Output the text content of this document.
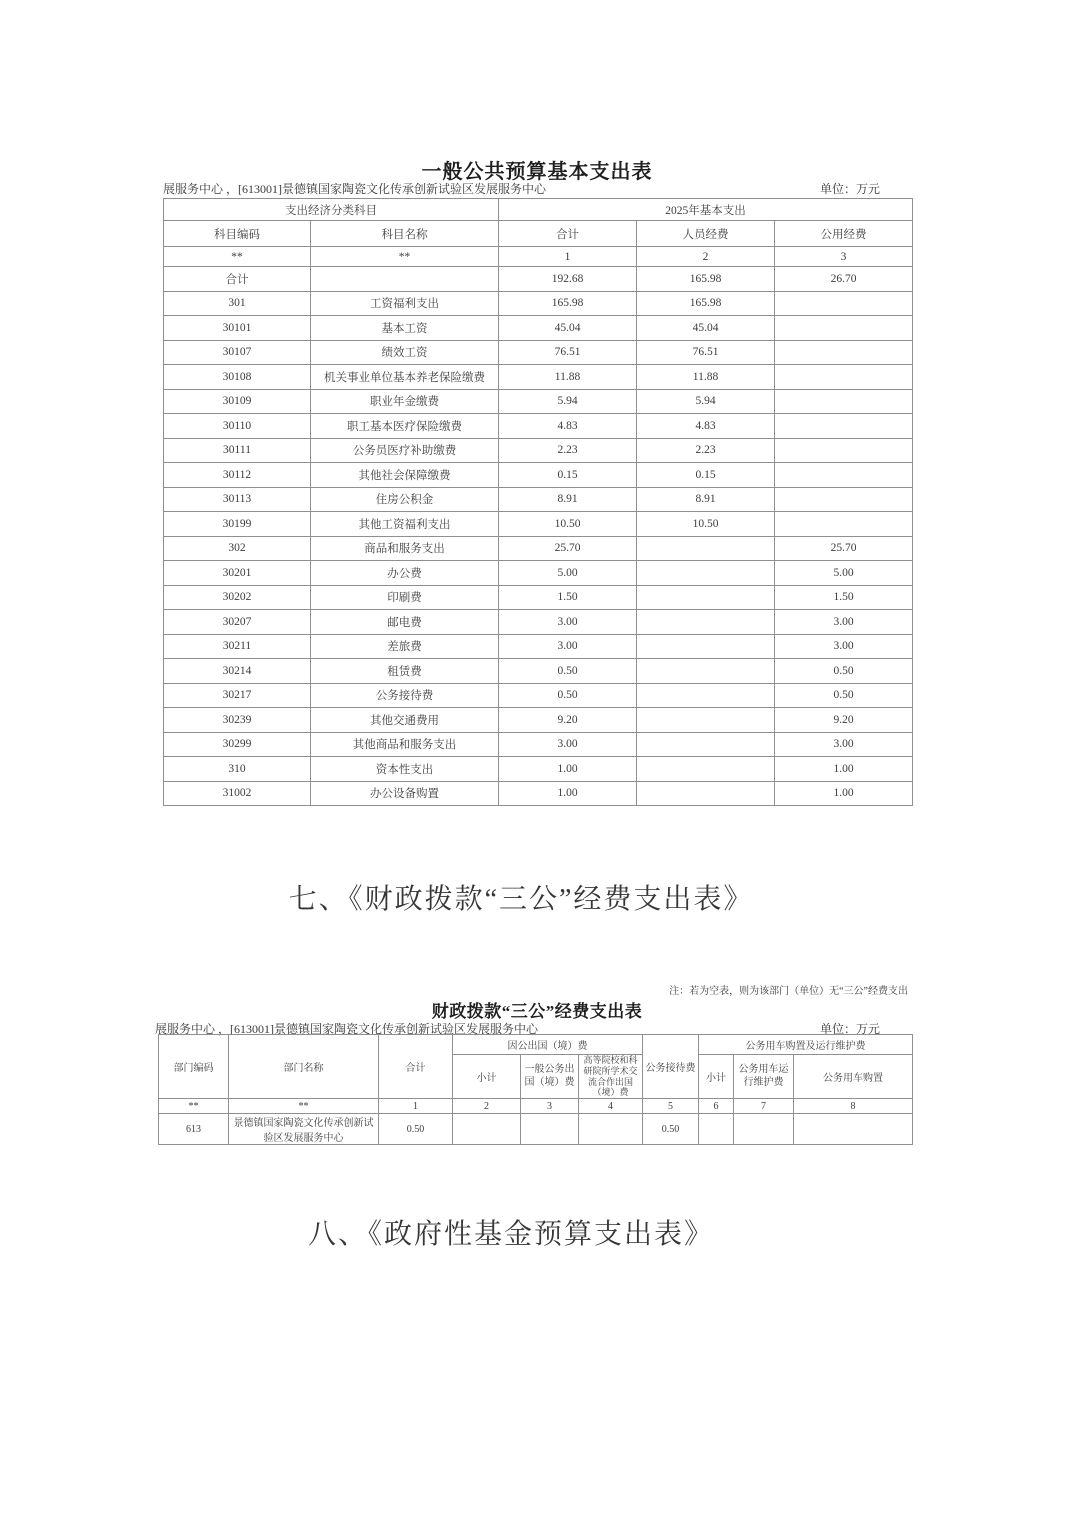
一般公共预算基本支出表
展服务中心 ，[613001]景德镇国家陶瓷文化传承创新试验区发展服务中心	单位：万元
支出经济分类科目		2025年基本支出		
科目编码	科目名称	合计	人员经费	公用经费
**	**	1	2	3
合计		192.68	165.98	26.70
301	工资福利支出	165.98	165.98	
30101	基本工资	45.04	45.04	
30107	绩效工资	76.51	76.51	
30108	机关事业单位基本养老保险缴费	11.88	11.88	
30109	职业年金缴费	5.94	5.94	
30110	职工基本医疗保险缴费	4.83	4.83	
30111	公务员医疗补助缴费	2.23	2.23	
30112	其他社会保障缴费	0.15	0.15	
30113	住房公积金	8.91	8.91	
30199	其他工资福利支出	10.50	10.50	
302	商品和服务支出	25.70		25.70
30201	办公费	5.00		5.00
30202	印刷费	1.50		1.50
30207	邮电费	3.00		3.00
30211	差旅费	3.00		3.00
30214	租赁费	0.50		0.50
30217	公务接待费	0.50		0.50
30239	其他交通费用	9.20		9.20
30299	其他商品和服务支出	3.00		3.00
310	资本性支出	1.00		1.00
31002	办公设备购置	1.00		1.00
七、《财政拨款“三公”经费支出表》
注：若为空表，则为该部门（单位）无“三公”经费支出
财政拨款“三公”经费支出表
展服务中心 ，[613001]景德镇国家陶瓷文化传承创新试验区发展服务中心	单位：万元
部门编码	部门名称	合计	因公出国（境）费			公务接待费	公务用车购置及运行维护费		
			小计	一般公务出国（境）费	高等院校和科研院所学术交流合作出国（境）费		小计	公务用车运行维护费	公务用车购置
**	**	1	2	3	4	5	6	7	8
613	景德镇国家陶瓷文化传承创新试验区发展服务中心	0.50				0.50			
八、《政府性基金预算支出表》
